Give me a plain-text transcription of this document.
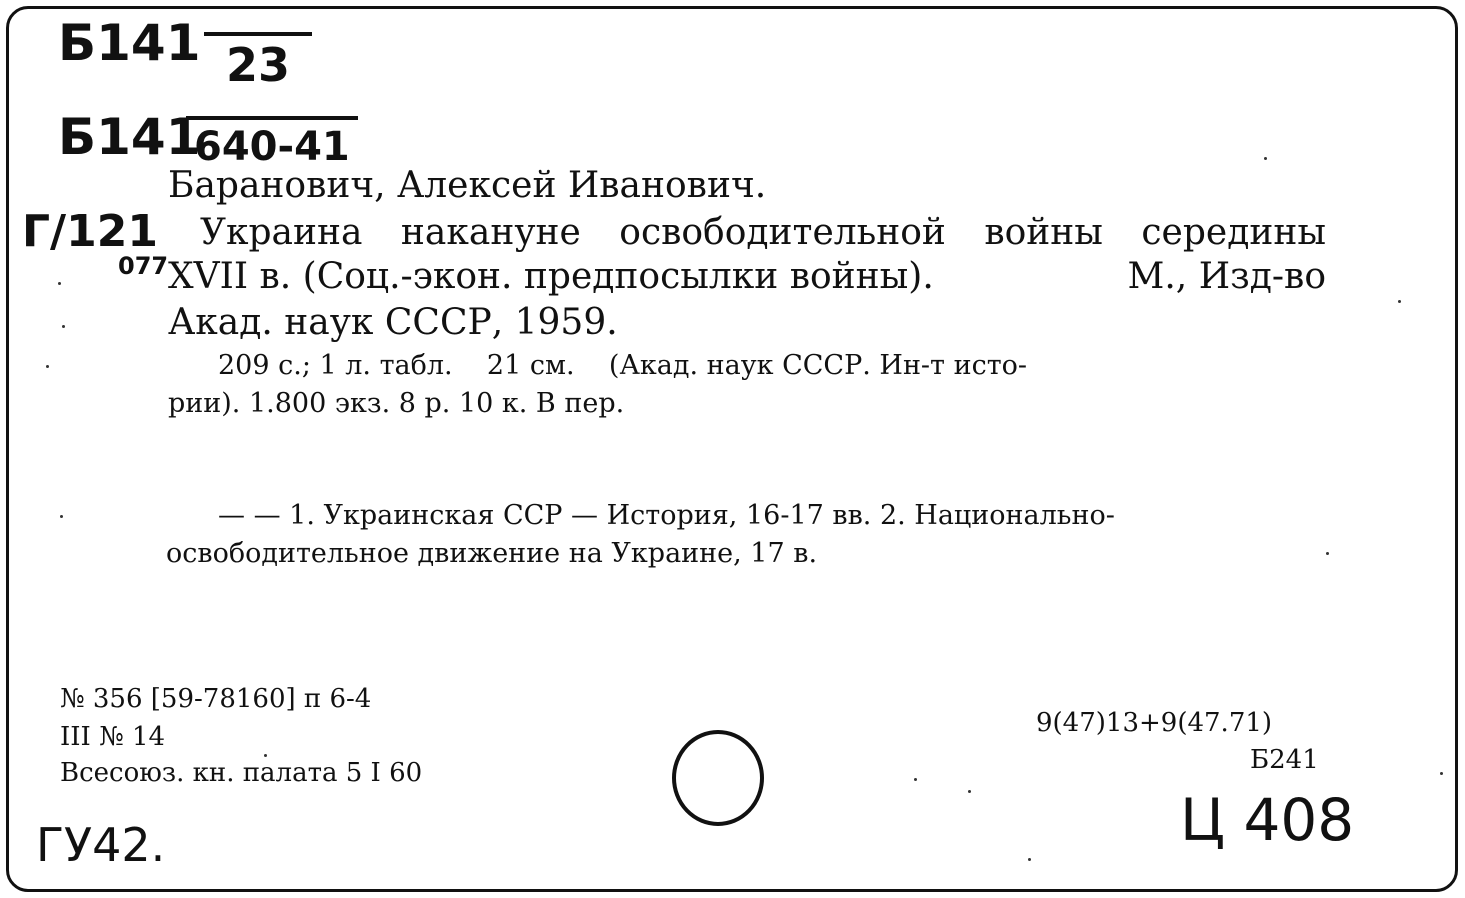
Б141 23
Б141
640-41
Г/121
077
Баранович, Алексей Иванович.
Украина накануне освободительной войны середины
XVII в. (Соц.-экон. предпосылки войны).	М., Изд-во
Акад. наук СССР, 1959.
209 с.; 1 л. табл.    21 см.    (Акад. наук СССР. Ин-т исто-
рии). 1.800 экз. 8 р. 10 к. В пер.
— — 1. Украинская ССР — История, 16-17 вв. 2. Национально-
освободительное движение на Украине, 17 в.
№ 356 [59-78160] п 6-4
III № 14
Всесоюз. кн. палата 5 I 60
9(47)13+9(47.71)
Б241
ГУ42.	Ц 408
